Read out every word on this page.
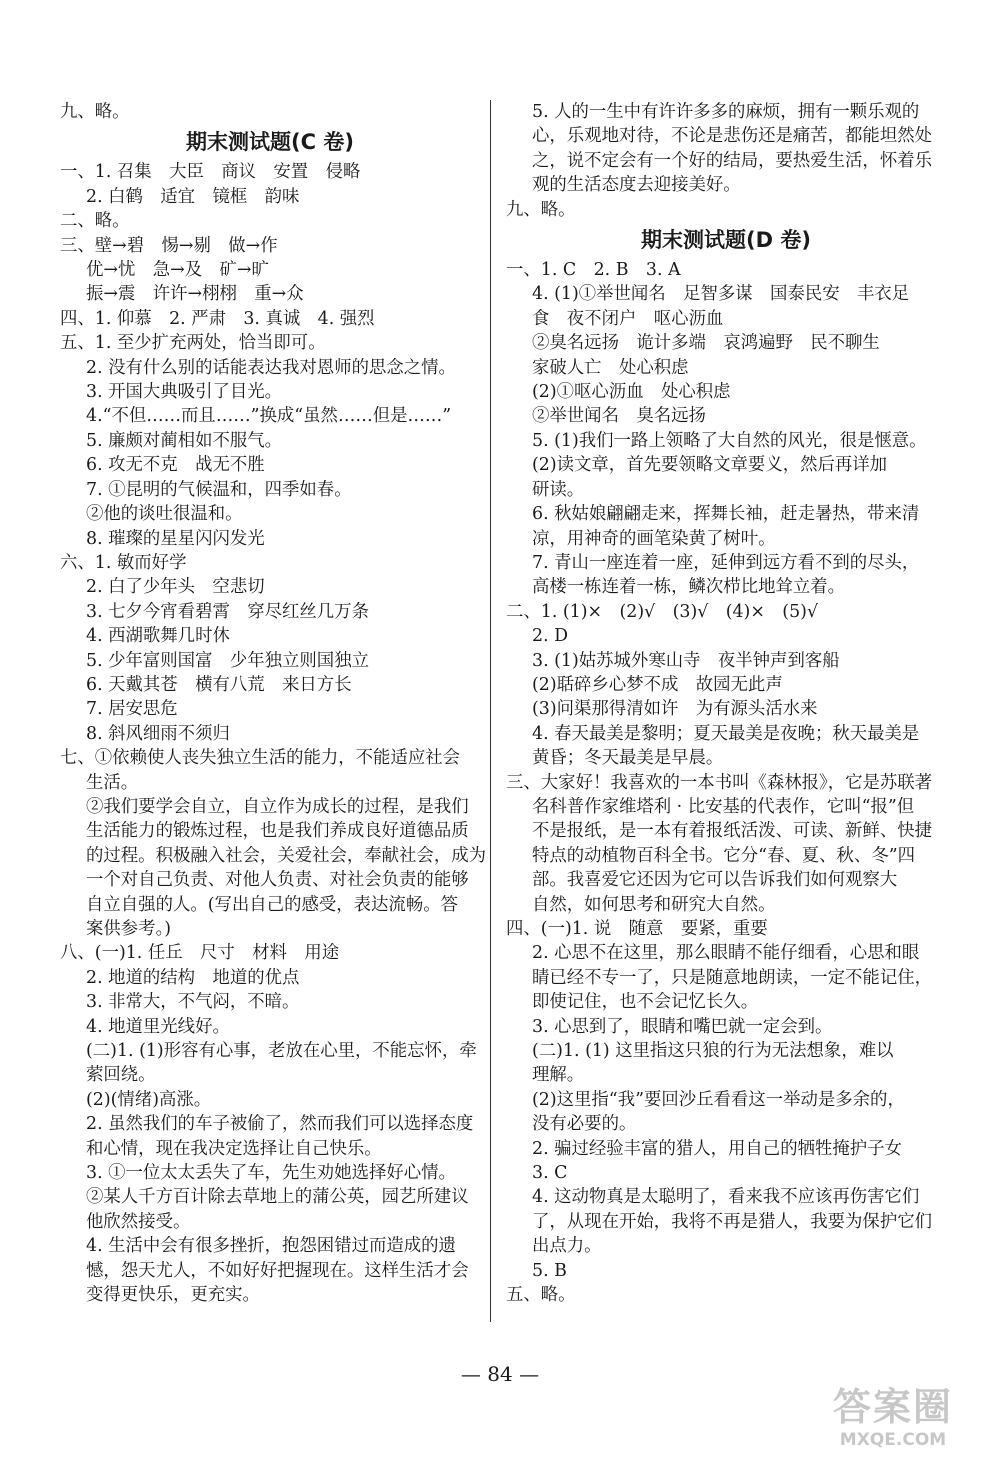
九、略。
期末测试题(C 卷)
一、1. 召集　大臣　商议　安置　侵略
2. 白鹤　适宜　镜框　韵味
二、略。
三、壁→碧　惕→剔　做→作
优→忧　急→及　矿→旷
振→震　许许→栩栩　重→众
四、1. 仰慕　2. 严肃　3. 真诚　4. 强烈
五、1. 至少扩充两处，恰当即可。
2. 没有什么别的话能表达我对恩师的思念之情。
3. 开国大典吸引了目光。
4.“不但……而且……”换成“虽然……但是……”
5. 廉颇对蔺相如不服气。
6. 攻无不克　战无不胜
7. ①昆明的气候温和，四季如春。
②他的谈吐很温和。
8. 璀璨的星星闪闪发光
六、1. 敏而好学
2. 白了少年头　空悲切
3. 七夕今宵看碧霄　穿尽红丝几万条
4. 西湖歌舞几时休
5. 少年富则国富　少年独立则国独立
6. 天戴其苍　横有八荒　来日方长
7. 居安思危
8. 斜风细雨不须归
七、①依赖使人丧失独立生活的能力，不能适应社会
生活。
②我们要学会自立，自立作为成长的过程，是我们
生活能力的锻炼过程，也是我们养成良好道德品质
的过程。积极融入社会，关爱社会，奉献社会，成为
一个对自己负责、对他人负责、对社会负责的能够
自立自强的人。(写出自己的感受，表达流畅。答
案供参考。)
八、(一)1. 任丘　尺寸　材料　用途
2. 地道的结构　地道的优点
3. 非常大，不气闷，不暗。
4. 地道里光线好。
(二)1. (1)形容有心事，老放在心里，不能忘怀，牵
萦回绕。
(2)(情绪)高涨。
2. 虽然我们的车子被偷了，然而我们可以选择态度
和心情，现在我决定选择让自己快乐。
3. ①一位太太丢失了车，先生劝她选择好心情。
②某人千方百计除去草地上的蒲公英，园艺所建议
他欣然接受。
4. 生活中会有很多挫折，抱怨困错过而造成的遗
憾，怨天尤人，不如好好把握现在。这样生活才会
变得更快乐，更充实。
5. 人的一生中有许许多多的麻烦，拥有一颗乐观的
心，乐观地对待，不论是悲伤还是痛苦，都能坦然处
之，说不定会有一个好的结局，要热爱生活，怀着乐
观的生活态度去迎接美好。
九、略。
期末测试题(D 卷)
一、1. C　2. B　3. A
4. (1)①举世闻名　足智多谋　国泰民安　丰衣足
食　夜不闭户　呕心沥血
②臭名远扬　诡计多端　哀鸿遍野　民不聊生
家破人亡　处心积虑
(2)①呕心沥血　处心积虑
②举世闻名　臭名远扬
5. (1)我们一路上领略了大自然的风光，很是惬意。
(2)读文章，首先要领略文章要义，然后再详加
研读。
6. 秋姑娘翩翩走来，挥舞长袖，赶走暑热，带来清
凉，用神奇的画笔染黄了树叶。
7. 青山一座连着一座，延伸到远方看不到的尽头，
高楼一栋连着一栋，鳞次栉比地耸立着。
二、1. (1)×　(2)√　(3)√　(4)×　(5)√
2. D
3. (1)姑苏城外寒山寺　夜半钟声到客船
(2)聒碎乡心梦不成　故园无此声
(3)问渠那得清如许　为有源头活水来
4. 春天最美是黎明；夏天最美是夜晚；秋天最美是
黄昏；冬天最美是早晨。
三、大家好！我喜欢的一本书叫《森林报》，它是苏联著
名科普作家维塔利 · 比安基的代表作，它叫“报”但
不是报纸，是一本有着报纸活泼、可读、新鲜、快捷
特点的动植物百科全书。它分“春、夏、秋、冬”四
部。我喜爱它还因为它可以告诉我们如何观察大
自然，如何思考和研究大自然。
四、(一)1. 说　随意　要紧，重要
2. 心思不在这里，那么眼睛不能仔细看，心思和眼
睛已经不专一了，只是随意地朗读，一定不能记住，
即使记住，也不会记忆长久。
3. 心思到了，眼睛和嘴巴就一定会到。
(二)1. (1) 这里指这只狼的行为无法想象，难以
理解。
(2)这里指“我”要回沙丘看看这一举动是多余的，
没有必要的。
2. 骗过经验丰富的猎人，用自己的牺牲掩护子女
3. C
4. 这动物真是太聪明了，看来我不应该再伤害它们
了，从现在开始，我将不再是猎人，我要为保护它们
出点力。
5. B
五、略。
— 84 —
答案圈
MXQE.COM
